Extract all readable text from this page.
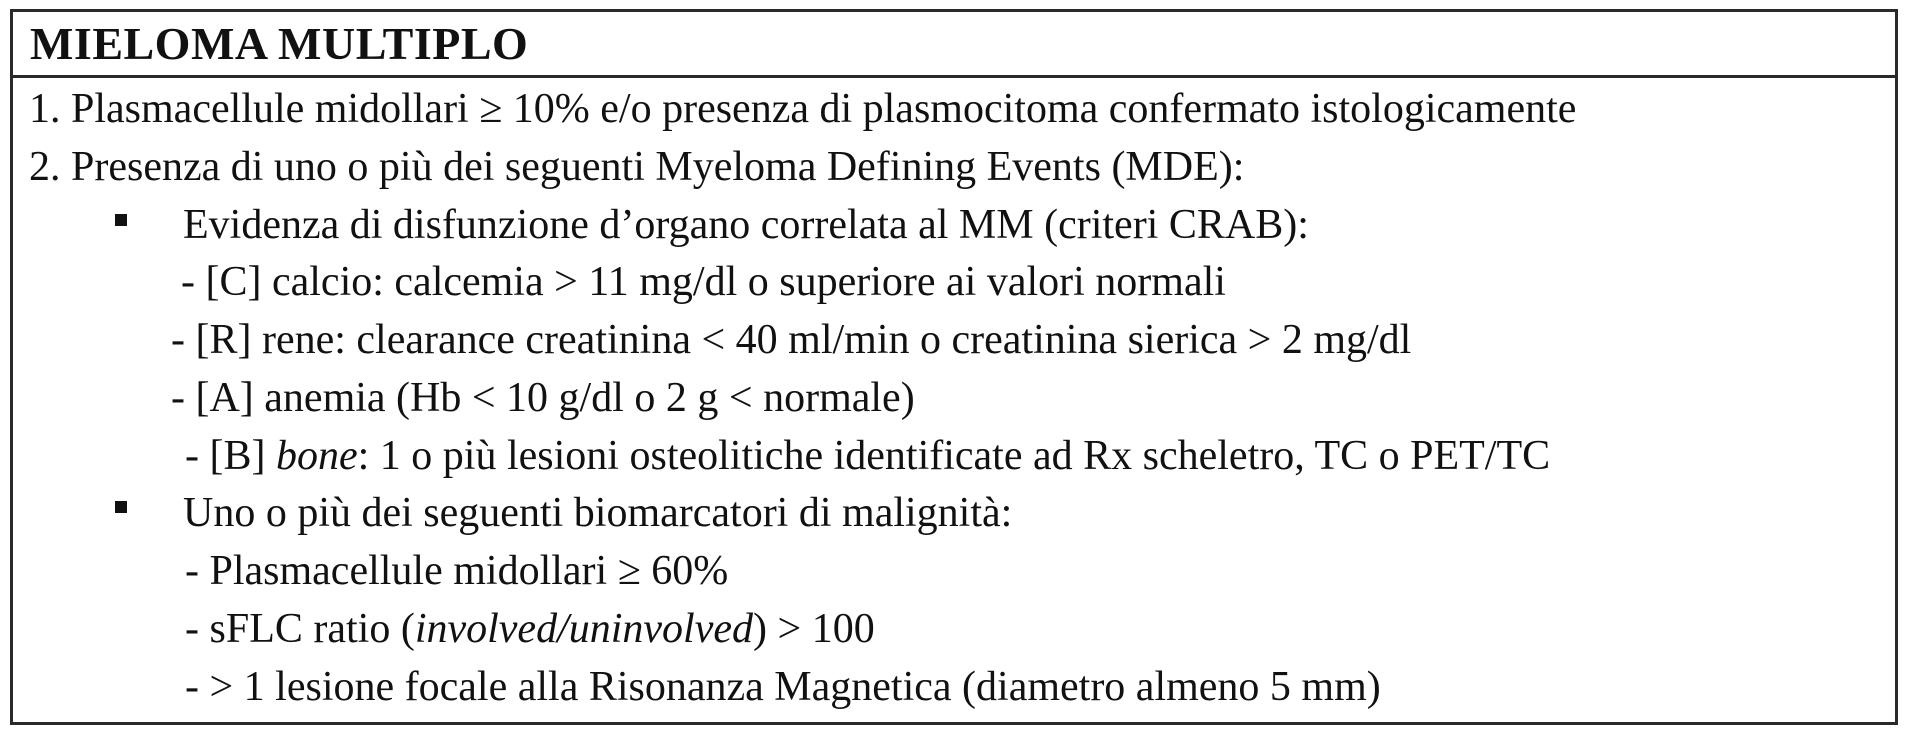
MIELOMA MULTIPLO
1. Plasmacellule midollari ≥ 10% e/o presenza di plasmocitoma confermato istologicamente
2. Presenza di uno o più dei seguenti Myeloma Defining Events (MDE):
Evidenza di disfunzione d’organo correlata al MM (criteri CRAB):
- [C] calcio: calcemia > 11 mg/dl o superiore ai valori normali
- [R] rene: clearance creatinina < 40 ml/min o creatinina sierica > 2 mg/dl
- [A] anemia (Hb < 10 g/dl o 2 g < normale)
- [B] bone: 1 o più lesioni osteolitiche identificate ad Rx scheletro, TC o PET/TC
Uno o più dei seguenti biomarcatori di malignità:
- Plasmacellule midollari ≥ 60%
- sFLC ratio (involved/uninvolved) > 100
- > 1 lesione focale alla Risonanza Magnetica (diametro almeno 5 mm)
